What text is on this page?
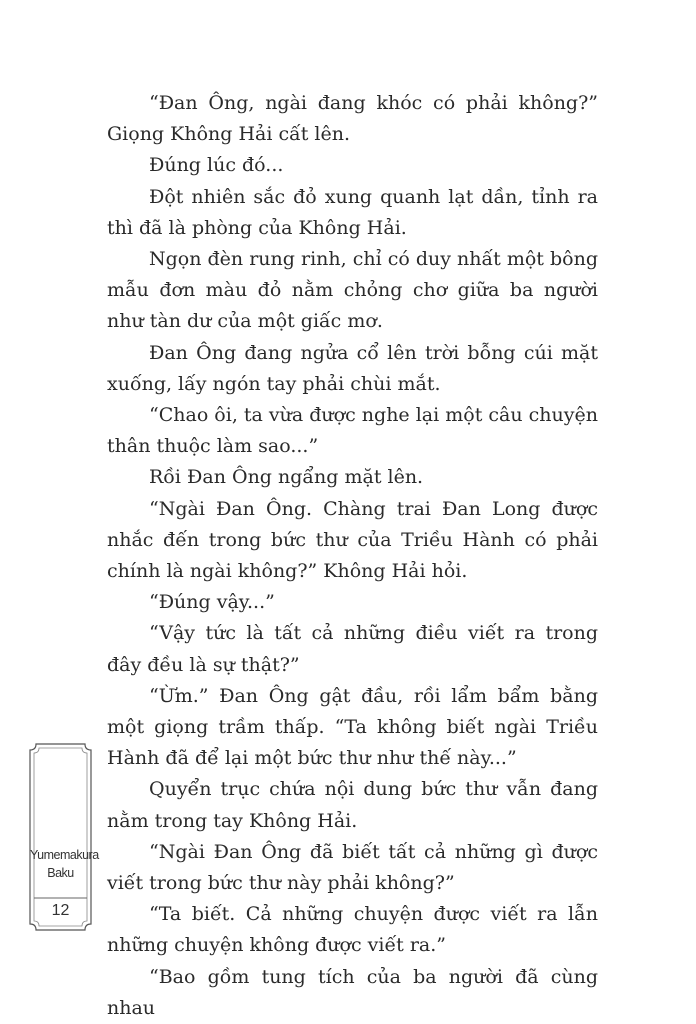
“Đan Ông, ngài đang khóc có phải không?” Giọng Không Hải cất lên.

Đúng lúc đó...

Đột nhiên sắc đỏ xung quanh lạt dần, tỉnh ra thì đã là phòng của Không Hải.

Ngọn đèn rung rinh, chỉ có duy nhất một bông mẫu đơn màu đỏ nằm chỏng chơ giữa ba người như tàn dư của một giấc mơ.

Đan Ông đang ngửa cổ lên trời bỗng cúi mặt xuống, lấy ngón tay phải chùi mắt.

“Chao ôi, ta vừa được nghe lại một câu chuyện thân thuộc làm sao...”

Rồi Đan Ông ngẩng mặt lên.

“Ngài Đan Ông. Chàng trai Đan Long được nhắc đến trong bức thư của Triều Hành có phải chính là ngài không?” Không Hải hỏi.

“Đúng vậy...”

“Vậy tức là tất cả những điều viết ra trong đây đều là sự thật?”

“Ừm.” Đan Ông gật đầu, rồi lẩm bẩm bằng một giọng trầm thấp. “Ta không biết ngài Triều Hành đã để lại một bức thư như thế này...”

Quyển trục chứa nội dung bức thư vẫn đang nằm trong tay Không Hải.

“Ngài Đan Ông đã biết tất cả những gì được viết trong bức thư này phải không?”

“Ta biết. Cả những chuyện được viết ra lẫn những chuyện không được viết ra.”

“Bao gồm tung tích của ba người đã cùng nhau

Yumemakura
Baku
12
